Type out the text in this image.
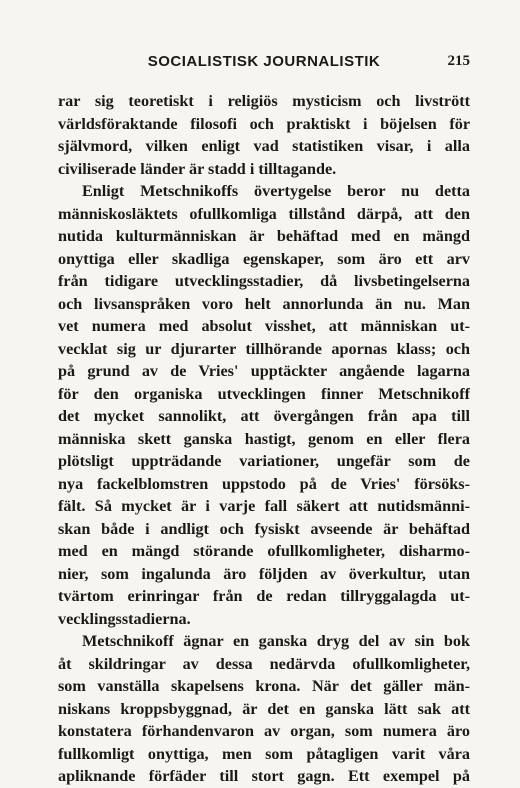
SOCIALISTISK JOURNALISTIK	215
rar sig teoretiskt i religiös mysticism och livstrött
världsföraktande filosofi och praktiskt i böjelsen för
självmord, vilken enligt vad statistiken visar, i alla
civiliserade länder är stadd i tilltagande.
Enligt Metschnikoffs övertygelse beror nu detta
människosläktets ofullkomliga tillstånd därpå, att den
nutida kulturmänniskan är behäftad med en mängd
onyttiga eller skadliga egenskaper, som äro ett arv
från tidigare utvecklingsstadier, då livsbetingelserna
och livsanspråken voro helt annorlunda än nu. Man
vet numera med absolut visshet, att människan ut-
vecklat sig ur djurarter tillhörande apornas klass; och
på grund av de Vries' upptäckter angående lagarna
för den organiska utvecklingen finner Metschnikoff
det mycket sannolikt, att övergången från apa till
människa skett ganska hastigt, genom en eller flera
plötsligt uppträdande variationer, ungefär som de
nya fackelblomstren uppstodo på de Vries' försöks-
fält. Så mycket är i varje fall säkert att nutidsmänni-
skan både i andligt och fysiskt avseende är behäftad
med en mängd störande ofullkomligheter, disharmo-
nier, som ingalunda äro följden av överkultur, utan
tvärtom erinringar från de redan tillryggalagda ut-
vecklingsstadierna.
Metschnikoff ägnar en ganska dryg del av sin bok
åt skildringar av dessa nedärvda ofullkomligheter,
som vanställa skapelsens krona. När det gäller män-
niskans kroppsbyggnad, är det en ganska lätt sak att
konstatera förhandenvaron av organ, som numera äro
fullkomligt onyttiga, men som påtagligen varit våra
apliknande förfäder till stort gagn. Ett exempel på
